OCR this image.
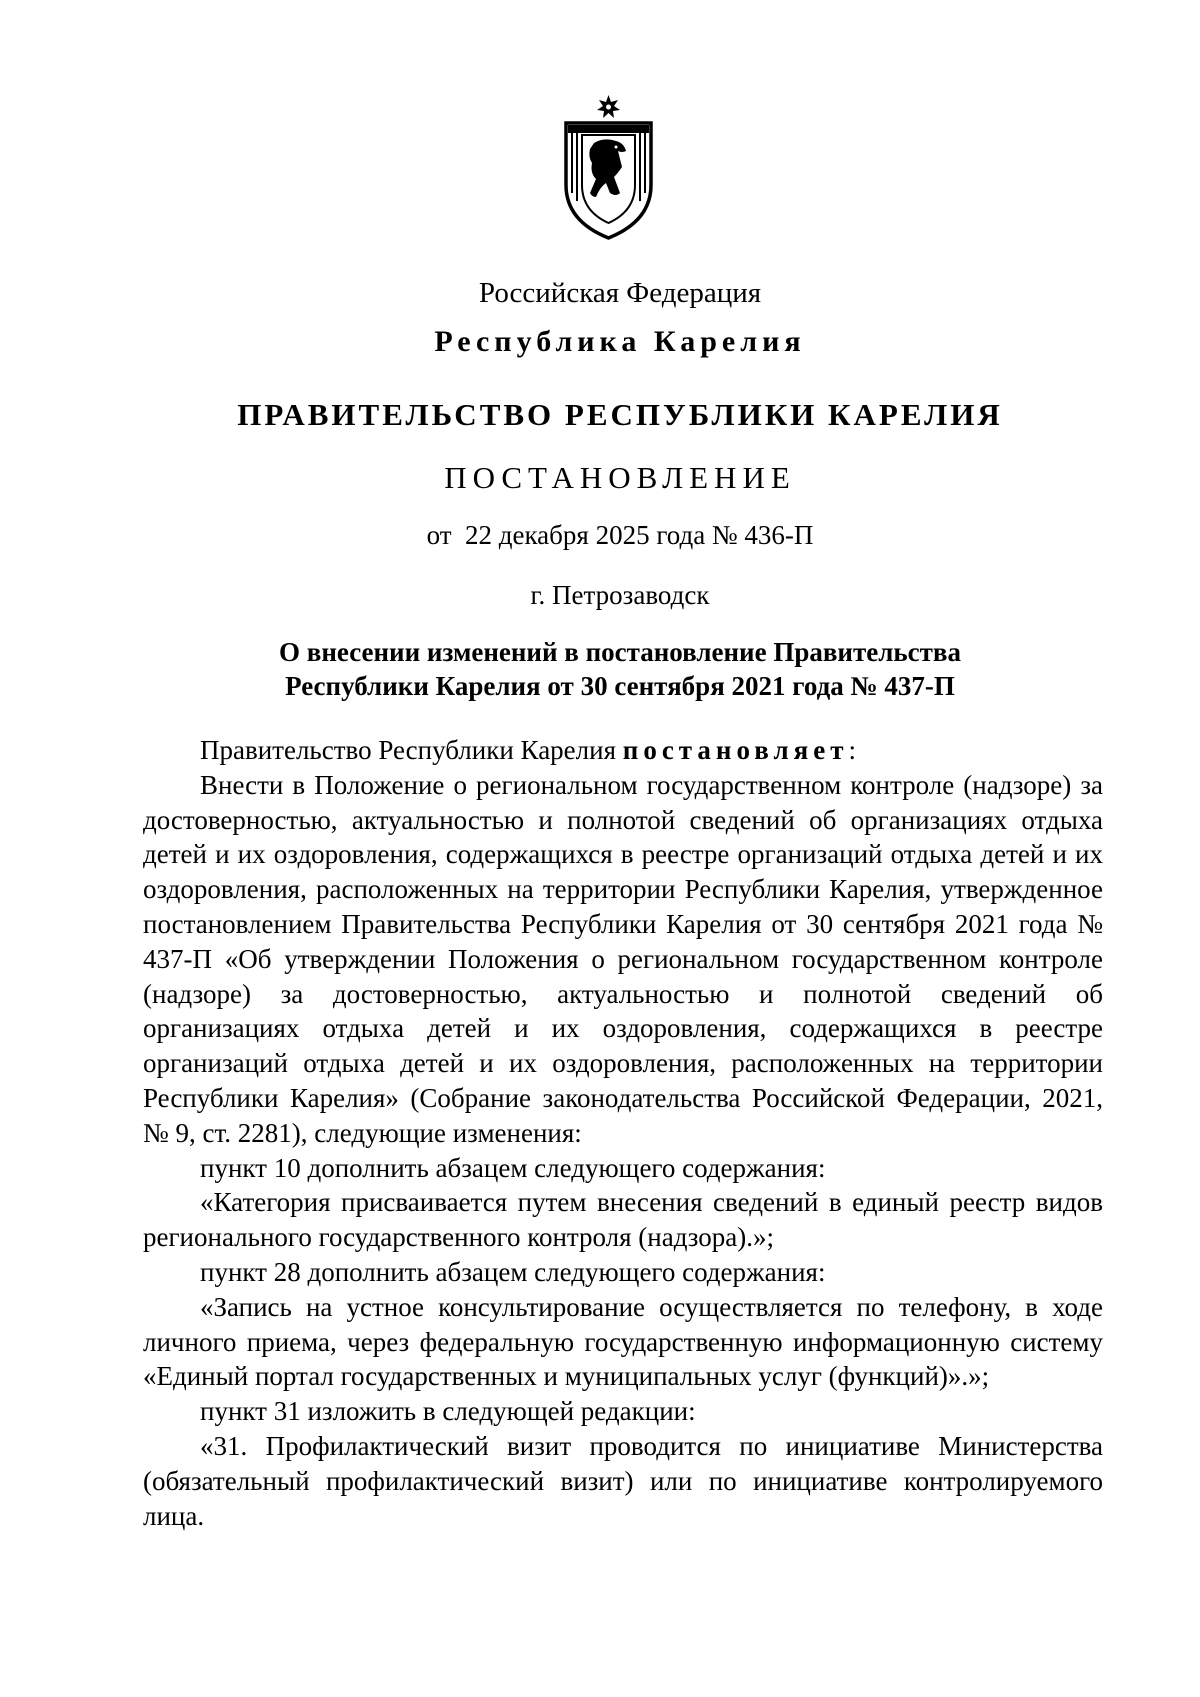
Российская Федерация
Республика Карелия
ПРАВИТЕЛЬСТВО РЕСПУБЛИКИ КАРЕЛИЯ
ПОСТАНОВЛЕНИЕ
от  22 декабря 2025 года № 436-П
г. Петрозаводск
О внесении изменений в постановление Правительства
Республики Карелия от 30 сентября 2021 года № 437-П

Правительство Республики Карелия постановляет:

Внести в Положение о региональном государственном контроле (надзоре) за достоверностью, актуальностью и полнотой сведений об организациях отдыха детей и их оздоровления, содержащихся в реестре организаций отдыха детей и их оздоровления, расположенных на территории Республики Карелия, утвержденное постановлением Правительства Республики Карелия от 30 сентября 2021 года № 437-П «Об утверждении Положения о региональном государственном контроле (надзоре) за достоверностью, актуальностью и полнотой сведений об организациях отдыха детей и их оздоровления, содержащихся в реестре организаций отдыха детей и их оздоровления, расположенных на территории Республики Карелия» (Собрание законодательства Российской Федерации, 2021, № 9, ст. 2281), следующие изменения:

пункт 10 дополнить абзацем следующего содержания:

«Категория присваивается путем внесения сведений в единый реестр видов регионального государственного контроля (надзора).»;

пункт 28 дополнить абзацем следующего содержания:

«Запись на устное консультирование осуществляется по телефону, в ходе личного приема, через федеральную государственную информационную систему «Единый портал государственных и муниципальных услуг (функций)».»;

пункт 31 изложить в следующей редакции:

«31. Профилактический визит проводится по инициативе Министерства (обязательный профилактический визит) или по инициативе контролируемого лица.
